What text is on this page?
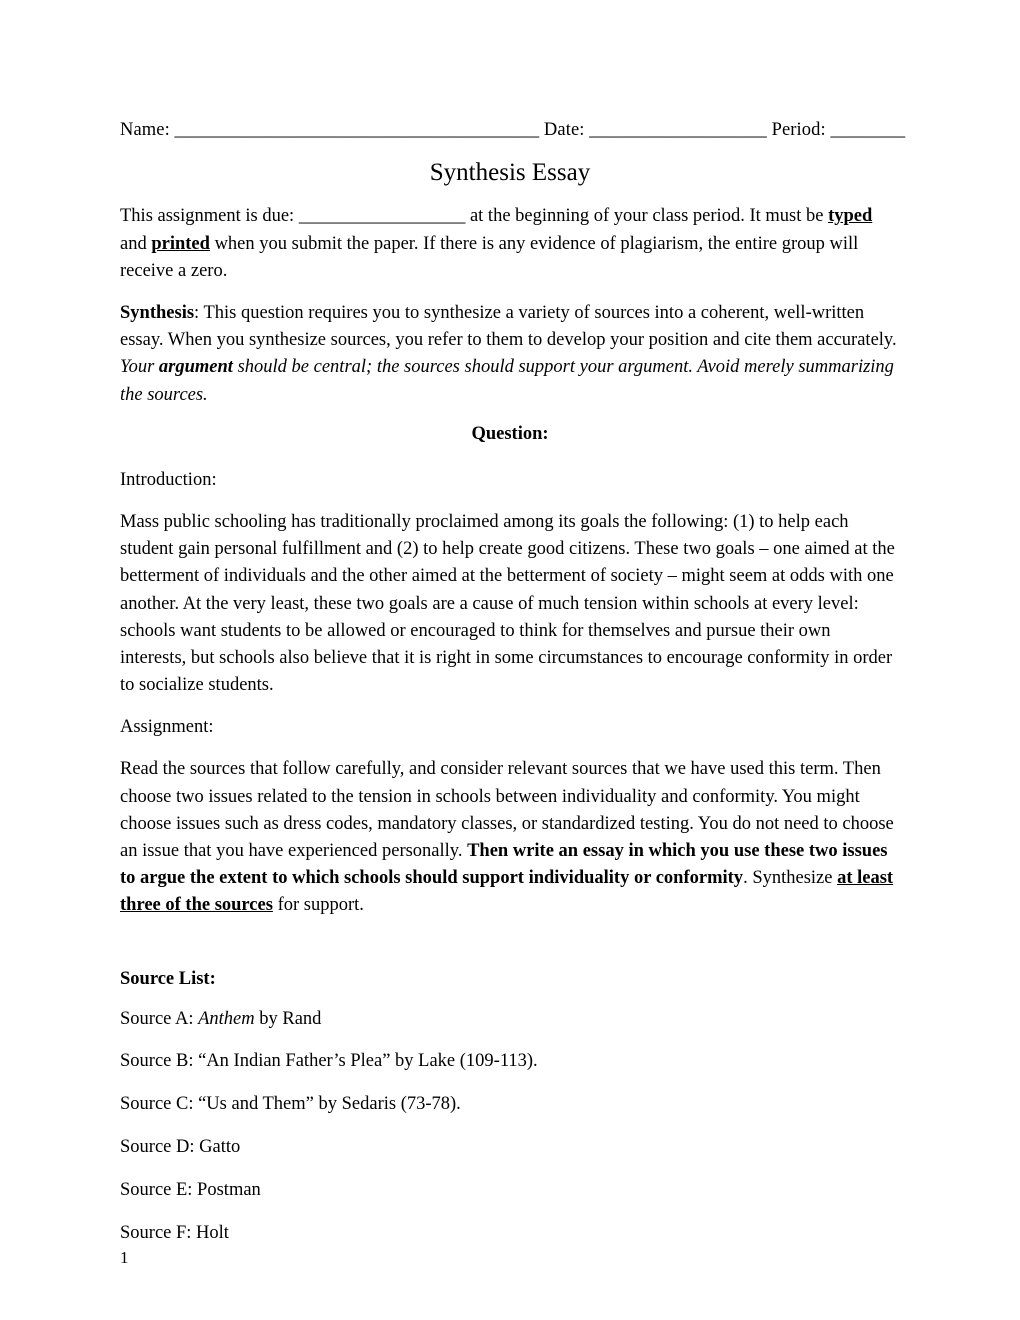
Name: _______________________________________ Date: ___________________ Period: ________
Synthesis Essay

This assignment is due: __________________ at the beginning of your class period. It must be typed and printed when you submit the paper. If there is any evidence of plagiarism, the entire group will receive a zero.

Synthesis: This question requires you to synthesize a variety of sources into a coherent, well-written essay. When you synthesize sources, you refer to them to develop your position and cite them accurately. Your argument should be central; the sources should support your argument. Avoid merely summarizing the sources.

Question:

Introduction:

Mass public schooling has traditionally proclaimed among its goals the following: (1) to help each student gain personal fulfillment and (2) to help create good citizens. These two goals – one aimed at the betterment of individuals and the other aimed at the betterment of society – might seem at odds with one another. At the very least, these two goals are a cause of much tension within schools at every level: schools want students to be allowed or encouraged to think for themselves and pursue their own interests, but schools also believe that it is right in some circumstances to encourage conformity in order to socialize students.

Assignment:

Read the sources that follow carefully, and consider relevant sources that we have used this term. Then choose two issues related to the tension in schools between individuality and conformity. You might choose issues such as dress codes, mandatory classes, or standardized testing. You do not need to choose an issue that you have experienced personally. Then write an essay in which you use these two issues to argue the extent to which schools should support individuality or conformity. Synthesize at least three of the sources for support.

Source List:
Source A: Anthem by Rand
Source B: “An Indian Father’s Plea” by Lake (109-113).
Source C: “Us and Them” by Sedaris (73-78).
Source D: Gatto
Source E: Postman
Source F: Holt
1
